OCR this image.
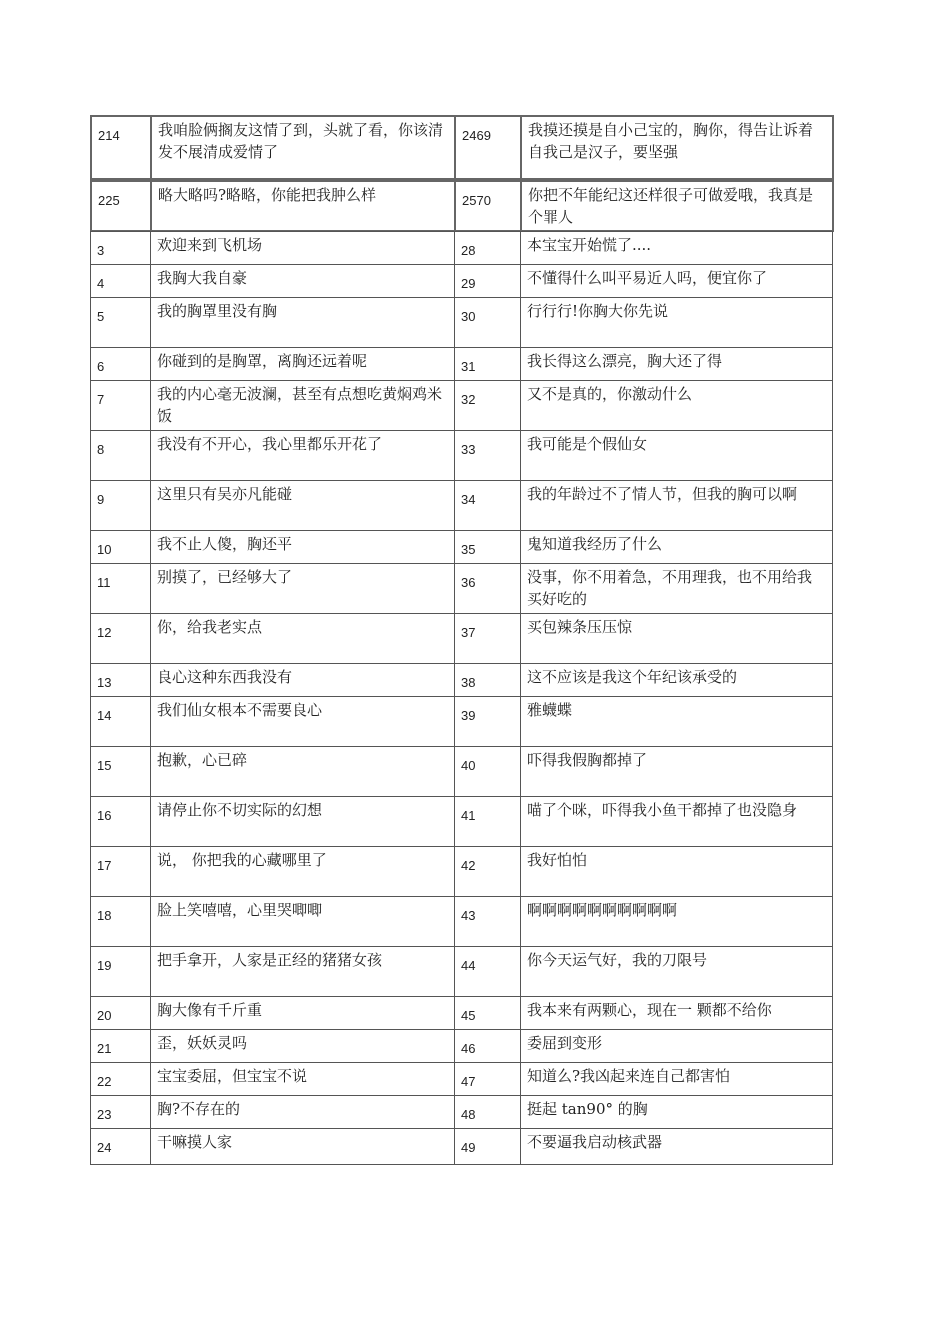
214	我咱脸俩搁友这情了到，头就了看，你该清发不展清成爱情了	2469	我摸还摸是自小己宝的，胸你，得告让诉着自我己是汉子，要坚强
225	略大略吗?略略，你能把我肿么样	2570	你把不年能纪这还样很子可做爱哦，我真是个罪人
3	欢迎来到飞机场	28	本宝宝开始慌了....
4	我胸大我自豪	29	不懂得什么叫平易近人吗，便宜你了
5	我的胸罩里没有胸	30	行行行!你胸大你先说
6	你碰到的是胸罩，离胸还远着呢	31	我长得这么漂亮，胸大还了得
7	我的内心毫无波澜，甚至有点想吃黄焖鸡米饭	32	又不是真的，你激动什么
8	我没有不开心，我心里都乐开花了	33	我可能是个假仙女
9	这里只有吴亦凡能碰	34	我的年龄过不了情人节，但我的胸可以啊
10	我不止人傻，胸还平	35	鬼知道我经历了什么
11	别摸了，已经够大了	36	没事，你不用着急，不用理我，也不用给我买好吃的
12	你，给我老实点	37	买包辣条压压惊
13	良心这种东西我没有	38	这不应该是我这个年纪该承受的
14	我们仙女根本不需要良心	39	雅蠛蝶
15	抱歉，心已碎	40	吓得我假胸都掉了
16	请停止你不切实际的幻想	41	喵了个咪，吓得我小鱼干都掉了也没隐身
17	说， 你把我的心藏哪里了	42	我好怕怕
18	脸上笑嘻嘻，心里哭唧唧	43	啊啊啊啊啊啊啊啊啊啊
19	把手拿开，人家是正经的猪猪女孩	44	你今天运气好，我的刀限号
20	胸大像有千斤重	45	我本来有两颗心，现在一 颗都不给你
21	歪，妖妖灵吗	46	委屈到变形
22	宝宝委屈，但宝宝不说	47	知道么?我凶起来连自己都害怕
23	胸?不存在的	48	挺起 tan90° 的胸
24	干嘛摸人家	49	不要逼我启动核武器
